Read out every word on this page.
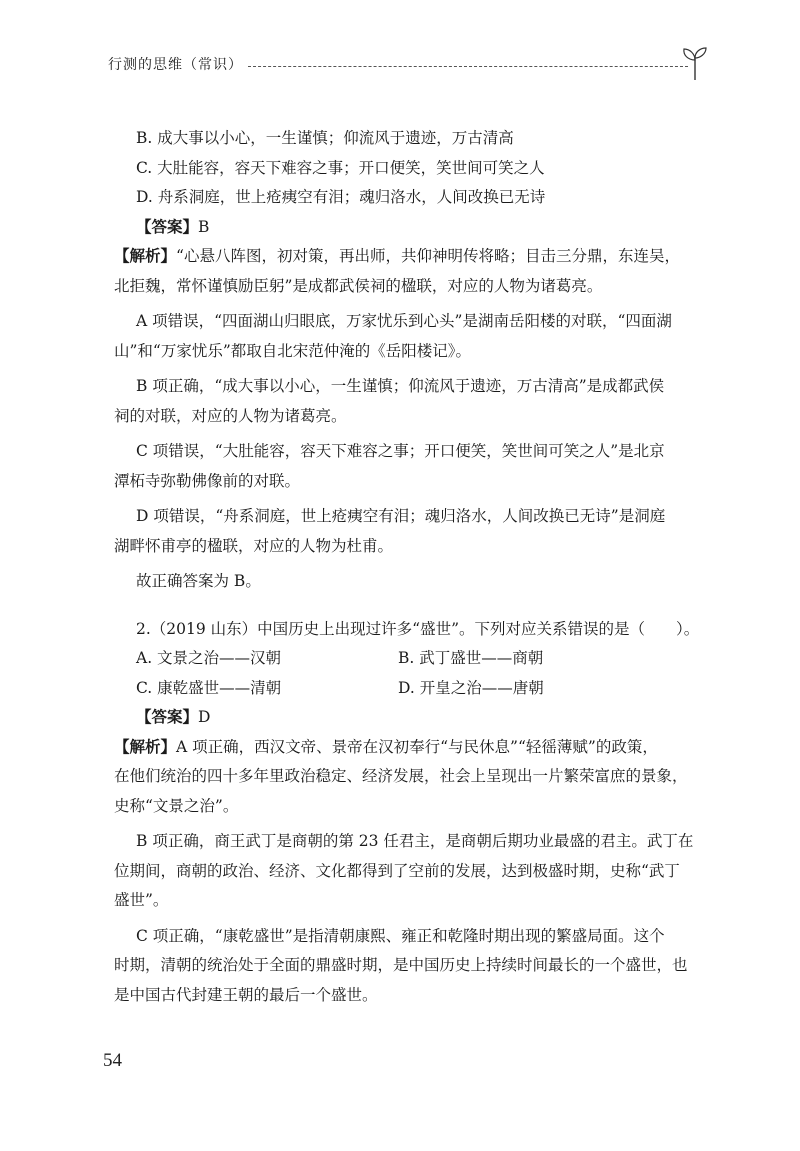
行测的思维（常识）
B. 成大事以小心，一生谨慎；仰流风于遗迹，万古清高
C. 大肚能容，容天下难容之事；开口便笑，笑世间可笑之人
D. 舟系洞庭，世上疮痍空有泪；魂归洛水，人间改换已无诗
【答案】B
【解析】“心悬八阵图，初对策，再出师，共仰神明传将略；目击三分鼎，东连吴，
北拒魏，常怀谨慎励臣躬”是成都武侯祠的楹联，对应的人物为诸葛亮。
A 项错误，“四面湖山归眼底，万家忧乐到心头”是湖南岳阳楼的对联，“四面湖
山”和“万家忧乐”都取自北宋范仲淹的《岳阳楼记》。
B 项正确，“成大事以小心，一生谨慎；仰流风于遗迹，万古清高”是成都武侯
祠的对联，对应的人物为诸葛亮。
C 项错误，“大肚能容，容天下难容之事；开口便笑，笑世间可笑之人”是北京
潭柘寺弥勒佛像前的对联。
D 项错误，“舟系洞庭，世上疮痍空有泪；魂归洛水，人间改换已无诗”是洞庭
湖畔怀甫亭的楹联，对应的人物为杜甫。
故正确答案为 B。
2.（2019 山东）中国历史上出现过许多“盛世”。下列对应关系错误的是（　　）。
A. 文景之治——汉朝	B. 武丁盛世——商朝
C. 康乾盛世——清朝	D. 开皇之治——唐朝
【答案】D
【解析】A 项正确，西汉文帝、景帝在汉初奉行“与民休息”“轻徭薄赋”的政策，
在他们统治的四十多年里政治稳定、经济发展，社会上呈现出一片繁荣富庶的景象，
史称“文景之治”。
B 项正确，商王武丁是商朝的第 23 任君主，是商朝后期功业最盛的君主。武丁在
位期间，商朝的政治、经济、文化都得到了空前的发展，达到极盛时期，史称“武丁
盛世”。
C 项正确，“康乾盛世”是指清朝康熙、雍正和乾隆时期出现的繁盛局面。这个
时期，清朝的统治处于全面的鼎盛时期，是中国历史上持续时间最长的一个盛世，也
是中国古代封建王朝的最后一个盛世。
54
